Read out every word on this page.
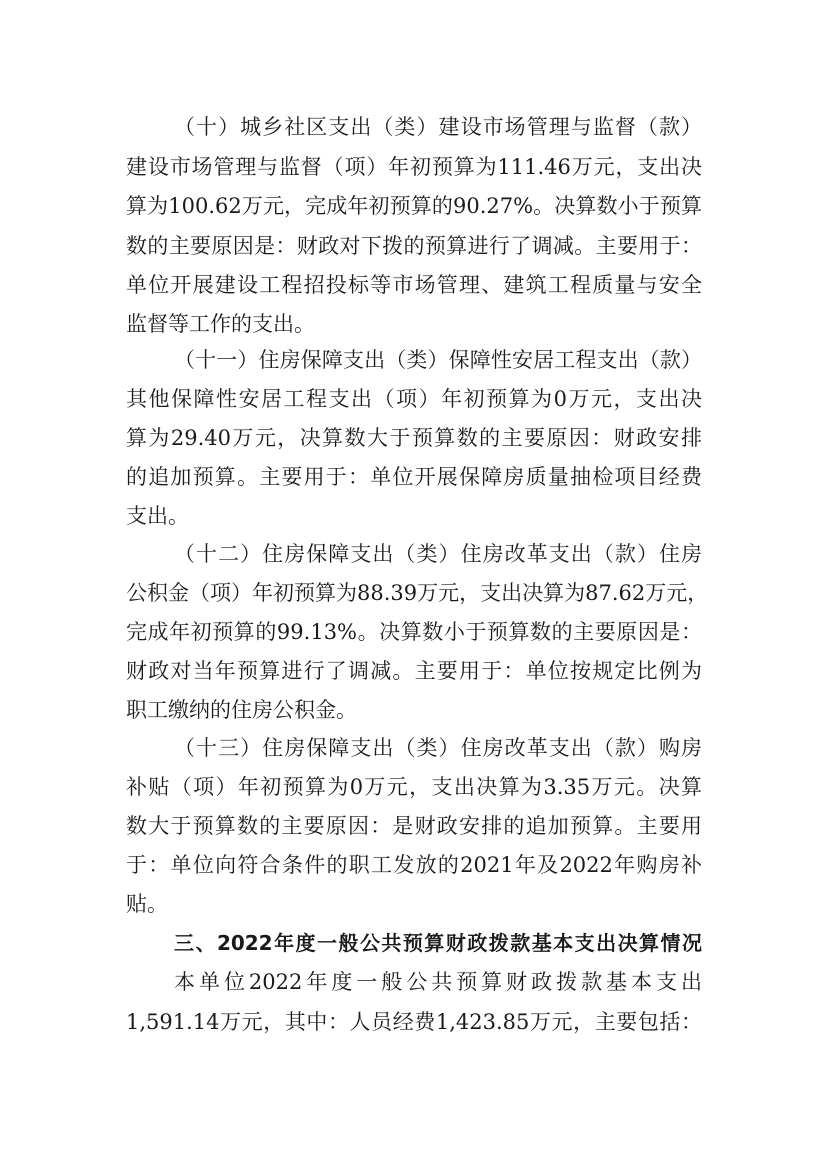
（十）城乡社区支出（类）建设市场管理与监督（款）
建设市场管理与监督（项）年初预算为111.46万元，支出决
算为100.62万元，完成年初预算的90.27%。决算数小于预算
数的主要原因是：财政对下拨的预算进行了调减。主要用于：
单位开展建设工程招投标等市场管理、建筑工程质量与安全
监督等工作的支出。
（十一）住房保障支出（类）保障性安居工程支出（款）
其他保障性安居工程支出（项）年初预算为0万元，支出决
算为29.40万元，决算数大于预算数的主要原因：财政安排
的追加预算。主要用于：单位开展保障房质量抽检项目经费
支出。
（十二）住房保障支出（类）住房改革支出（款）住房
公积金（项）年初预算为88.39万元，支出决算为87.62万元，
完成年初预算的99.13%。决算数小于预算数的主要原因是：
财政对当年预算进行了调减。主要用于：单位按规定比例为
职工缴纳的住房公积金。
（十三）住房保障支出（类）住房改革支出（款）购房
补贴（项）年初预算为0万元，支出决算为3.35万元。决算
数大于预算数的主要原因：是财政安排的追加预算。主要用
于：单位向符合条件的职工发放的2021年及2022年购房补
贴。
三、2022年度一般公共预算财政拨款基本支出决算情况
本单位2022年度一般公共预算财政拨款基本支出
1,591.14万元，其中：人员经费1,423.85万元，主要包括：
